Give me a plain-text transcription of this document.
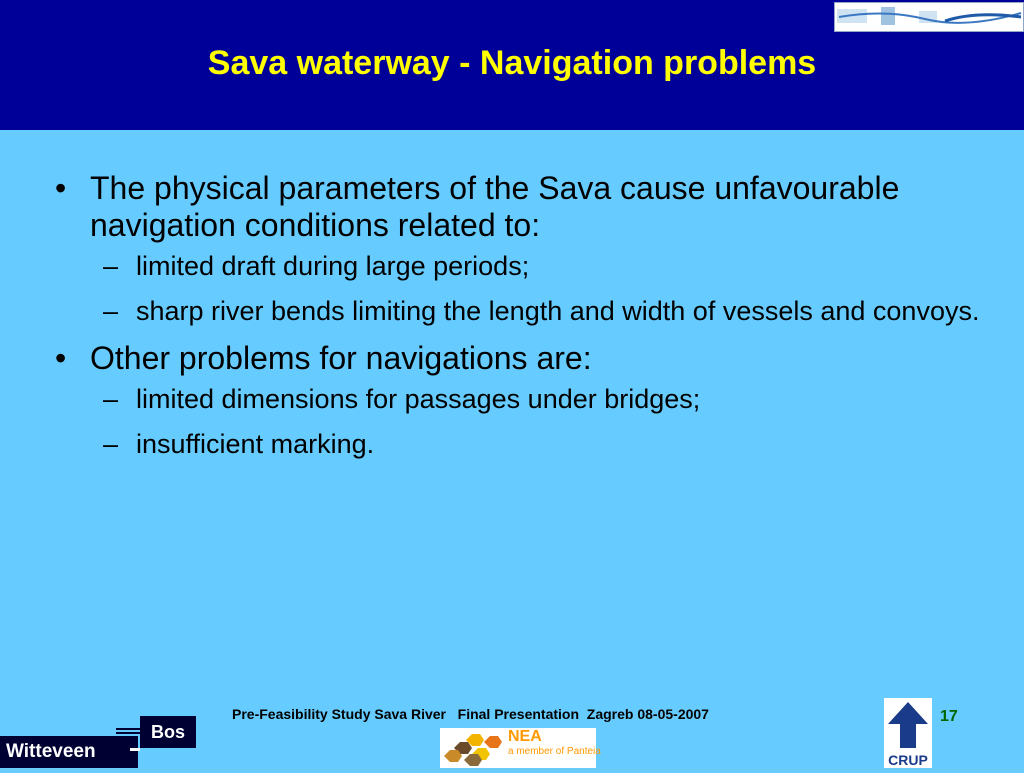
Sava waterway - Navigation problems
• The physical parameters of the Sava cause unfavourable navigation conditions related to:
– limited draft during large periods;
– sharp river bends limiting the length and width of vessels and convoys.
• Other problems for navigations are:
– limited dimensions for passages under bridges;
– insufficient marking.
Pre-Feasibility Study Sava River   Final Presentation  Zagreb 08-05-2007	17
Bos
Witteveen
NEA
a member of Panteia
CRUP
